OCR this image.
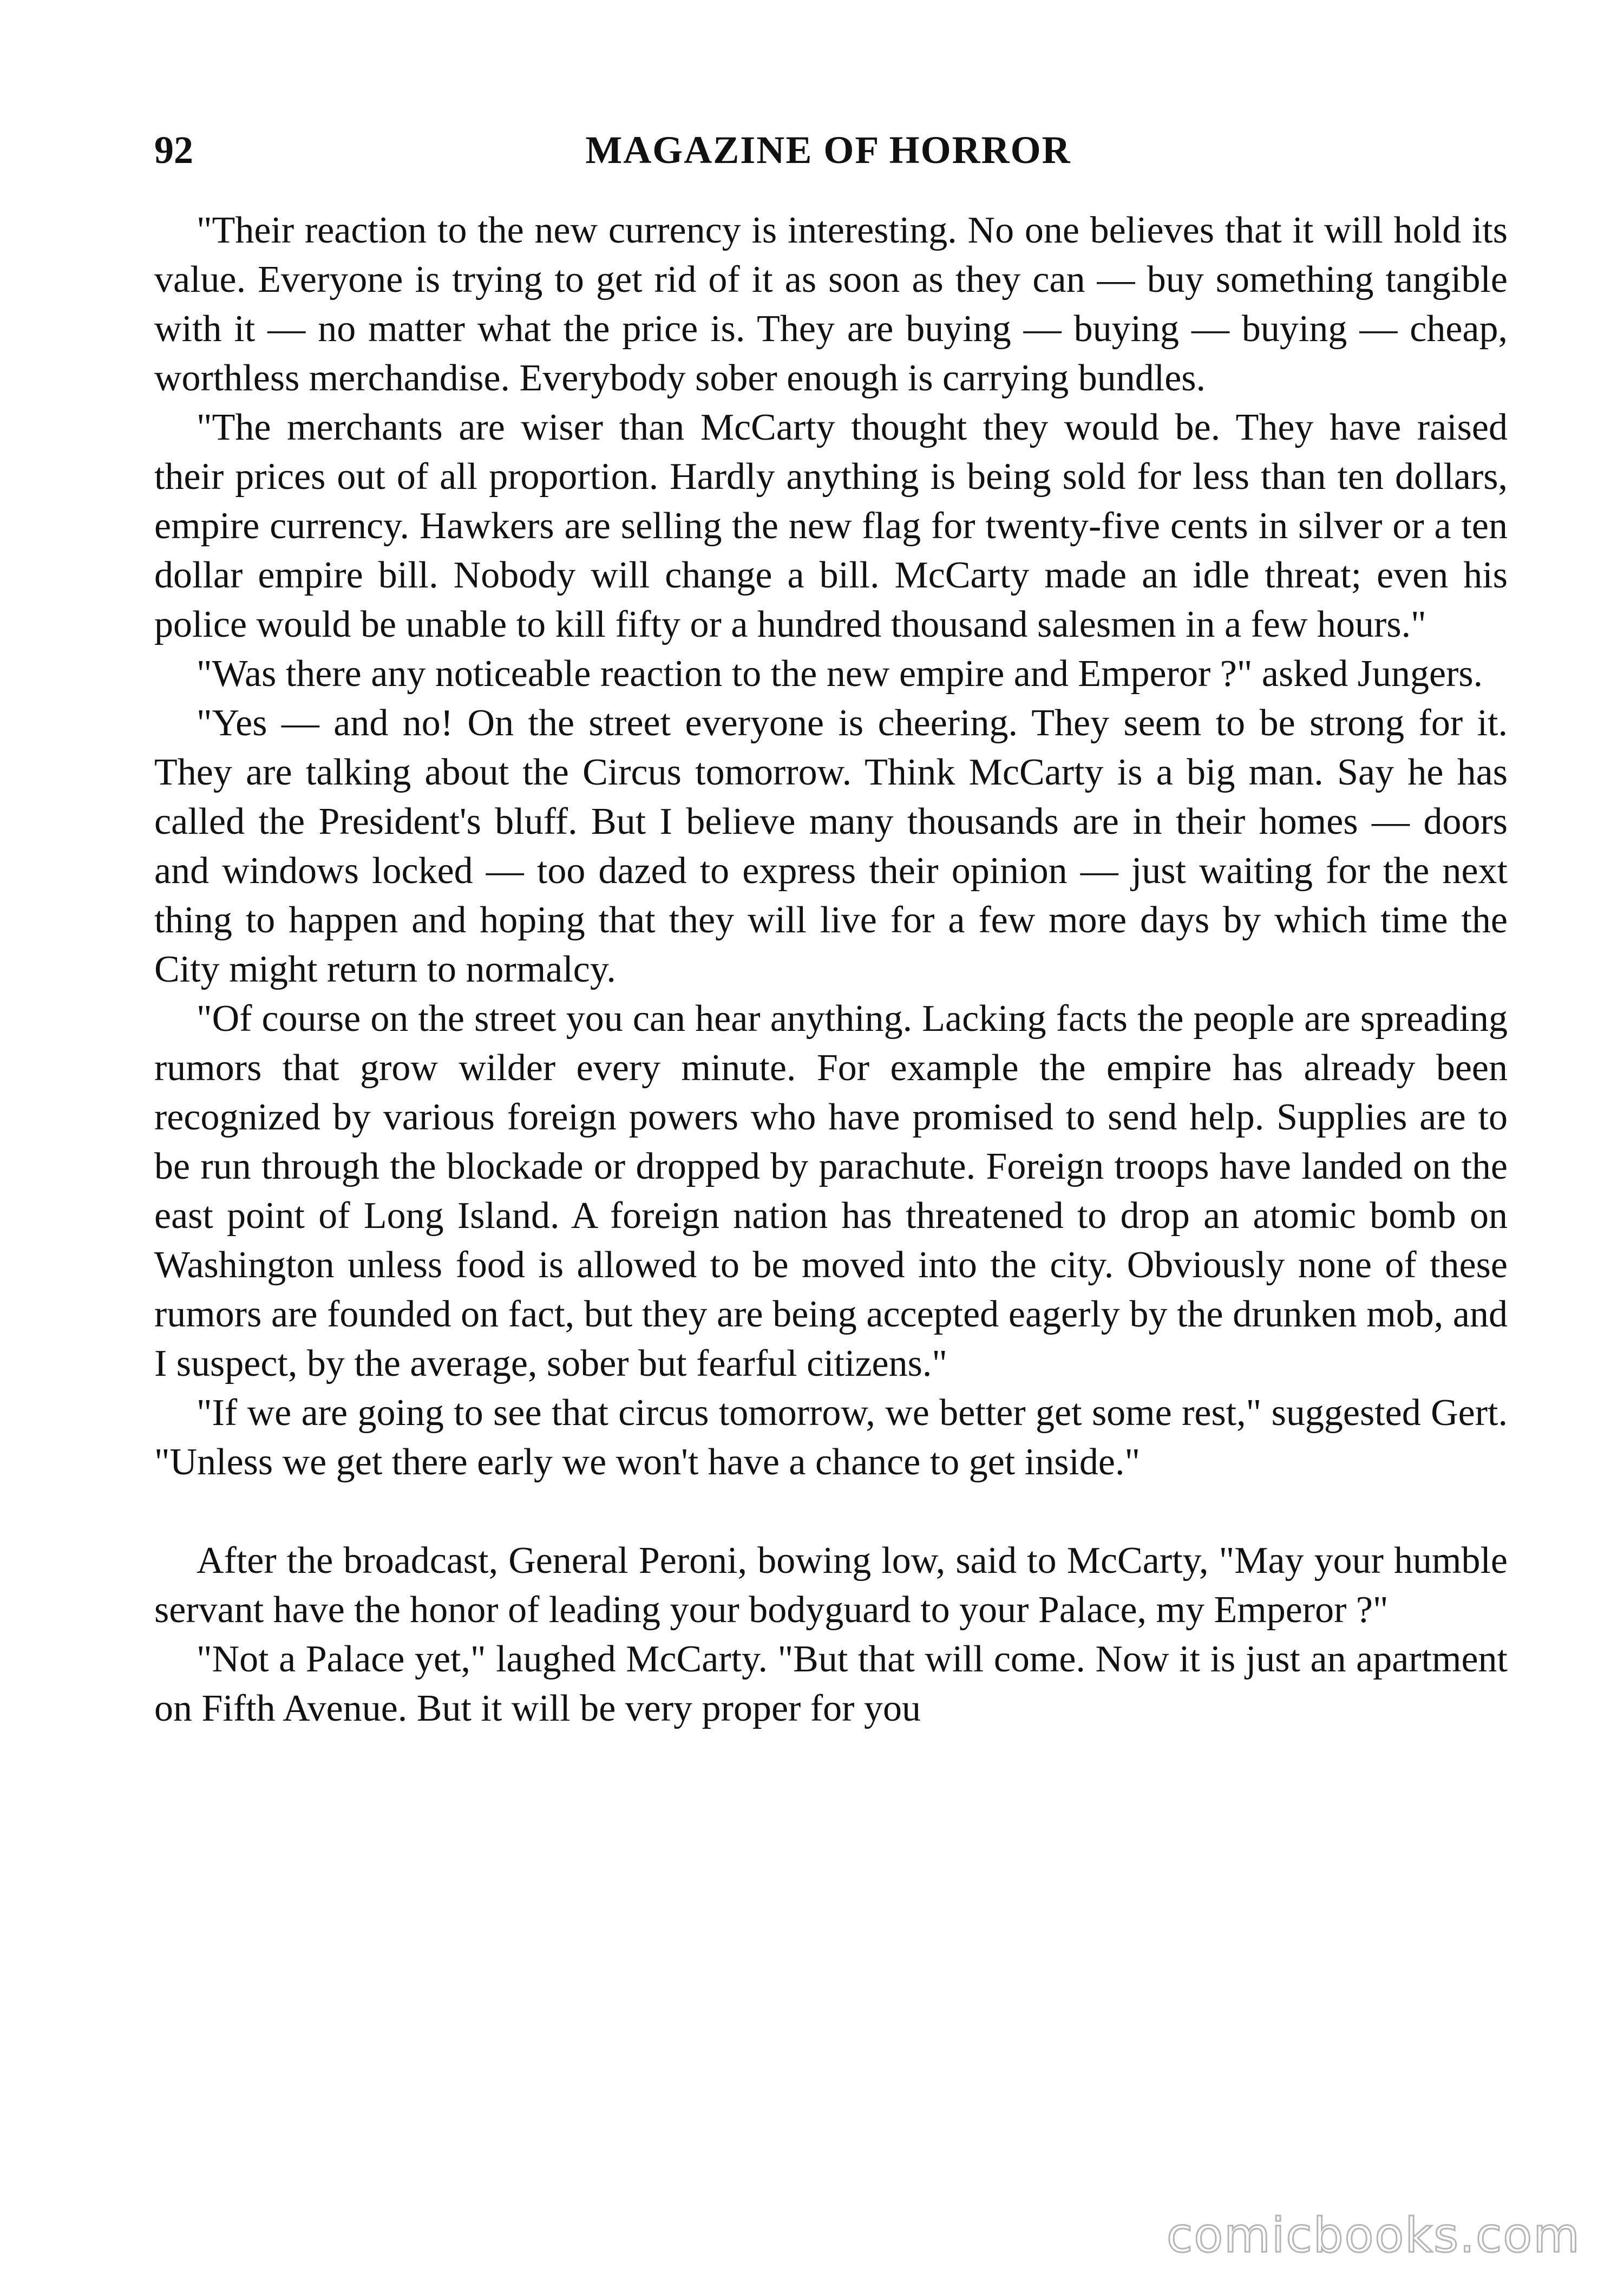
92	MAGAZINE OF HORROR

"Their reaction to the new currency is interesting. No one believes that it will hold its value. Everyone is trying to get rid of it as soon as they can — buy something tangible with it — no matter what the price is. They are buying — buying — buying — cheap, worthless merchandise. Everybody sober enough is carrying bundles.

"The merchants are wiser than McCarty thought they would be. They have raised their prices out of all proportion. Hardly anything is being sold for less than ten dollars, empire currency. Hawkers are selling the new flag for twenty-five cents in silver or a ten dollar empire bill. Nobody will change a bill. McCarty made an idle threat; even his police would be unable to kill fifty or a hundred thousand salesmen in a few hours."

"Was there any noticeable reaction to the new empire and Emperor ?" asked Jungers.

"Yes — and no! On the street everyone is cheering. They seem to be strong for it. They are talking about the Circus tomorrow. Think McCarty is a big man. Say he has called the President's bluff. But I believe many thousands are in their homes — doors and windows locked — too dazed to express their opinion — just waiting for the next thing to happen and hoping that they will live for a few more days by which time the City might return to normalcy.

"Of course on the street you can hear anything. Lacking facts the people are spreading rumors that grow wilder every minute. For example the empire has already been recognized by various foreign powers who have promised to send help. Supplies are to be run through the blockade or dropped by parachute. Foreign troops have landed on the east point of Long Island. A foreign nation has threatened to drop an atomic bomb on Washington unless food is allowed to be moved into the city. Obviously none of these rumors are founded on fact, but they are being accepted eagerly by the drunken mob, and I suspect, by the average, sober but fearful citizens."

"If we are going to see that circus tomorrow, we better get some rest," suggested Gert. "Unless we get there early we won't have a chance to get inside."

After the broadcast, General Peroni, bowing low, said to McCarty, "May your humble servant have the honor of leading your bodyguard to your Palace, my Emperor ?"

"Not a Palace yet," laughed McCarty. "But that will come. Now it is just an apartment on Fifth Avenue. But it will be very proper for you

comicbooks.com
